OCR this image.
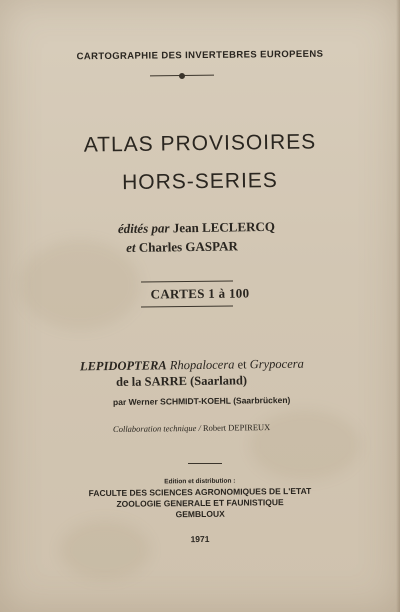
CARTOGRAPHIE DES INVERTEBRES EUROPEENS
ATLAS PROVISOIRES
HORS-SERIES
édités par Jean LECLERCQ
et Charles GASPAR
CARTES 1 à 100
LEPIDOPTERA Rhopalocera et Grypocera
de la SARRE (Saarland)
par Werner SCHMIDT-KOEHL (Saarbrücken)
Collaboration technique / Robert DEPIREUX
Edition et distribution :
FACULTE DES SCIENCES AGRONOMIQUES DE L'ETAT
ZOOLOGIE GENERALE ET FAUNISTIQUE
GEMBLOUX
1971
